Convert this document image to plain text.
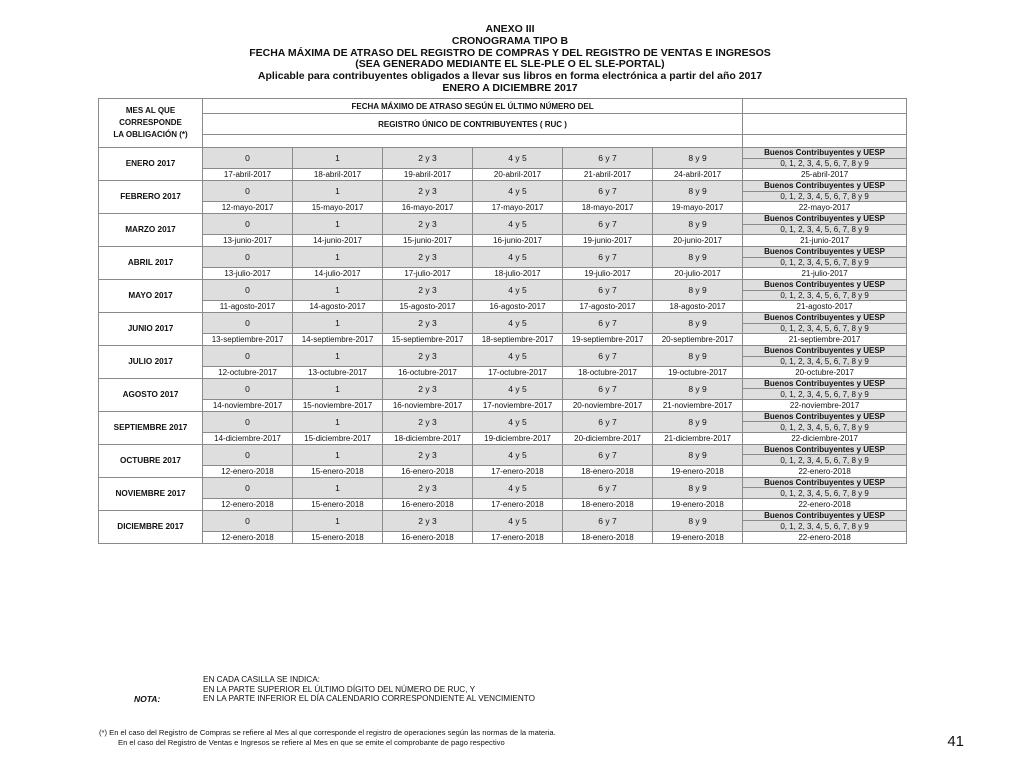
ANEXO III
CRONOGRAMA TIPO B
FECHA MÁXIMA DE ATRASO DEL REGISTRO DE COMPRAS Y DEL REGISTRO DE VENTAS E INGRESOS
(SEA GENERADO MEDIANTE EL SLE-PLE O EL SLE-PORTAL)
Aplicable para contribuyentes obligados a llevar sus libros en forma electrónica a partir del año 2017
ENERO A DICIEMBRE 2017
MES AL QUE
CORRESPONDE
LA OBLIGACIÓN (*)	FECHA MÁXIMO DE ATRASO SEGÚN EL ÚLTIMO NÚMERO DEL						
	REGISTRO ÚNICO DE CONTRIBUYENTES ( RUC )						

ENERO 2017	0	1	2 y 3	4 y 5	6 y 7	8 y 9	Buenos Contribuyentes y UESP
							0, 1, 2, 3, 4, 5, 6, 7, 8 y 9
	17-abril-2017	18-abril-2017	19-abril-2017	20-abril-2017	21-abril-2017	24-abril-2017	25-abril-2017
FEBRERO 2017	0	1	2 y 3	4 y 5	6 y 7	8 y 9	Buenos Contribuyentes y UESP
							0, 1, 2, 3, 4, 5, 6, 7, 8 y 9
	12-mayo-2017	15-mayo-2017	16-mayo-2017	17-mayo-2017	18-mayo-2017	19-mayo-2017	22-mayo-2017
MARZO 2017	0	1	2 y 3	4 y 5	6 y 7	8 y 9	Buenos Contribuyentes y UESP
							0, 1, 2, 3, 4, 5, 6, 7, 8 y 9
	13-junio-2017	14-junio-2017	15-junio-2017	16-junio-2017	19-junio-2017	20-junio-2017	21-junio-2017
ABRIL 2017	0	1	2 y 3	4 y 5	6 y 7	8 y 9	Buenos Contribuyentes y UESP
							0, 1, 2, 3, 4, 5, 6, 7, 8 y 9
	13-julio-2017	14-julio-2017	17-julio-2017	18-julio-2017	19-julio-2017	20-julio-2017	21-julio-2017
MAYO 2017	0	1	2 y 3	4 y 5	6 y 7	8 y 9	Buenos Contribuyentes y UESP
							0, 1, 2, 3, 4, 5, 6, 7, 8 y 9
	11-agosto-2017	14-agosto-2017	15-agosto-2017	16-agosto-2017	17-agosto-2017	18-agosto-2017	21-agosto-2017
JUNIO 2017	0	1	2 y 3	4 y 5	6 y 7	8 y 9	Buenos Contribuyentes y UESP
							0, 1, 2, 3, 4, 5, 6, 7, 8 y 9
	13-septiembre-2017	14-septiembre-2017	15-septiembre-2017	18-septiembre-2017	19-septiembre-2017	20-septiembre-2017	21-septiembre-2017
JULIO 2017	0	1	2 y 3	4 y 5	6 y 7	8 y 9	Buenos Contribuyentes y UESP
							0, 1, 2, 3, 4, 5, 6, 7, 8 y 9
	12-octubre-2017	13-octubre-2017	16-octubre-2017	17-octubre-2017	18-octubre-2017	19-octubre-2017	20-octubre-2017
AGOSTO 2017	0	1	2 y 3	4 y 5	6 y 7	8 y 9	Buenos Contribuyentes y UESP
							0, 1, 2, 3, 4, 5, 6, 7, 8 y 9
	14-noviembre-2017	15-noviembre-2017	16-noviembre-2017	17-noviembre-2017	20-noviembre-2017	21-noviembre-2017	22-noviembre-2017
SEPTIEMBRE 2017	0	1	2 y 3	4 y 5	6 y 7	8 y 9	Buenos Contribuyentes y UESP
							0, 1, 2, 3, 4, 5, 6, 7, 8 y 9
	14-diciembre-2017	15-diciembre-2017	18-diciembre-2017	19-diciembre-2017	20-diciembre-2017	21-diciembre-2017	22-diciembre-2017
OCTUBRE 2017	0	1	2 y 3	4 y 5	6 y 7	8 y 9	Buenos Contribuyentes y UESP
							0, 1, 2, 3, 4, 5, 6, 7, 8 y 9
	12-enero-2018	15-enero-2018	16-enero-2018	17-enero-2018	18-enero-2018	19-enero-2018	22-enero-2018
NOVIEMBRE 2017	0	1	2 y 3	4 y 5	6 y 7	8 y 9	Buenos Contribuyentes y UESP
							0, 1, 2, 3, 4, 5, 6, 7, 8 y 9
	12-enero-2018	15-enero-2018	16-enero-2018	17-enero-2018	18-enero-2018	19-enero-2018	22-enero-2018
DICIEMBRE 2017	0	1	2 y 3	4 y 5	6 y 7	8 y 9	Buenos Contribuyentes y UESP
							0, 1, 2, 3, 4, 5, 6, 7, 8 y 9
	12-enero-2018	15-enero-2018	16-enero-2018	17-enero-2018	18-enero-2018	19-enero-2018	22-enero-2018
EN CADA CASILLA SE INDICA:
EN LA PARTE SUPERIOR EL ÚLTIMO DÍGITO DEL NÚMERO DE RUC, Y
EN LA PARTE INFERIOR EL DÍA CALENDARIO CORRESPONDIENTE AL VENCIMIENTO
NOTA:
(*) En el caso del Registro de Compras se refiere al Mes al que corresponde el registro de operaciones según las normas de la materia.
En el caso del Registro de Ventas e Ingresos se refiere al Mes en que se emite el comprobante de pago respectivo	41
